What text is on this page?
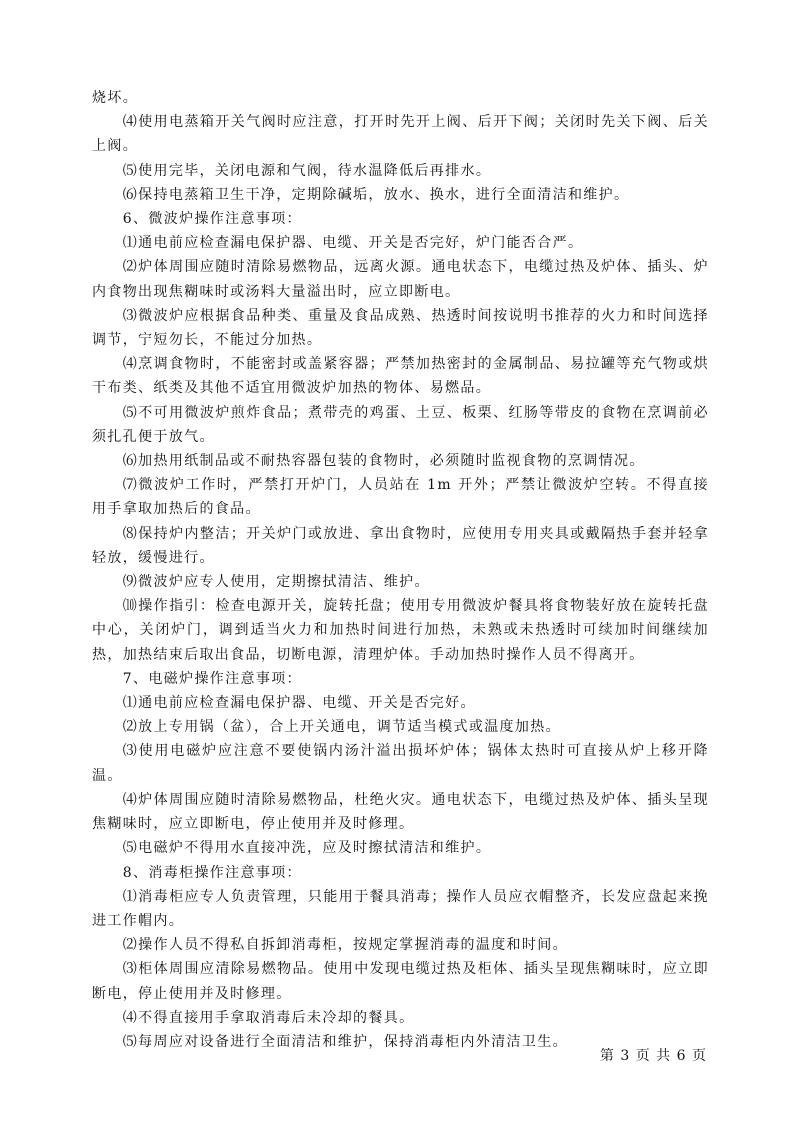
烧坏。

⑷使用电蒸箱开关气阀时应注意，打开时先开上阀、后开下阀；关闭时先关下阀、后关上阀。

⑸使用完毕，关闭电源和气阀，待水温降低后再排水。

⑹保持电蒸箱卫生干净，定期除碱垢，放水、换水，进行全面清洁和维护。

6、微波炉操作注意事项：

⑴通电前应检查漏电保护器、电缆、开关是否完好，炉门能否合严。

⑵炉体周围应随时清除易燃物品，远离火源。通电状态下，电缆过热及炉体、插头、炉内食物出现焦糊味时或汤料大量溢出时，应立即断电。

⑶微波炉应根据食品种类、重量及食品成熟、热透时间按说明书推荐的火力和时间选择调节，宁短勿长，不能过分加热。

⑷烹调食物时，不能密封或盖紧容器；严禁加热密封的金属制品、易拉罐等充气物或烘干布类、纸类及其他不适宜用微波炉加热的物体、易燃品。

⑸不可用微波炉煎炸食品；煮带壳的鸡蛋、土豆、板栗、红肠等带皮的食物在烹调前必须扎孔便于放气。

⑹加热用纸制品或不耐热容器包装的食物时，必须随时监视食物的烹调情况。

⑺微波炉工作时，严禁打开炉门，人员站在 1m 开外；严禁让微波炉空转。不得直接用手拿取加热后的食品。

⑻保持炉内整洁；开关炉门或放进、拿出食物时，应使用专用夹具或戴隔热手套并轻拿轻放，缓慢进行。

⑼微波炉应专人使用，定期擦拭清洁、维护。

⑽操作指引：检查电源开关，旋转托盘；使用专用微波炉餐具将食物装好放在旋转托盘中心，关闭炉门，调到适当火力和加热时间进行加热，未熟或未热透时可续加时间继续加热，加热结束后取出食品，切断电源，清理炉体。手动加热时操作人员不得离开。

7、电磁炉操作注意事项：

⑴通电前应检查漏电保护器、电缆、开关是否完好。

⑵放上专用锅（盆），合上开关通电，调节适当模式或温度加热。

⑶使用电磁炉应注意不要使锅内汤汁溢出损坏炉体；锅体太热时可直接从炉上移开降温。

⑷炉体周围应随时清除易燃物品，杜绝火灾。通电状态下，电缆过热及炉体、插头呈现焦糊味时，应立即断电，停止使用并及时修理。

⑸电磁炉不得用水直接冲洗，应及时擦拭清洁和维护。

8、消毒柜操作注意事项：

⑴消毒柜应专人负责管理，只能用于餐具消毒；操作人员应衣帽整齐，长发应盘起来挽进工作帽内。

⑵操作人员不得私自拆卸消毒柜，按规定掌握消毒的温度和时间。

⑶柜体周围应清除易燃物品。使用中发现电缆过热及柜体、插头呈现焦糊味时，应立即断电，停止使用并及时修理。

⑷不得直接用手拿取消毒后未冷却的餐具。

⑸每周应对设备进行全面清洁和维护，保持消毒柜内外清洁卫生。

第 3 页 共 6 页
